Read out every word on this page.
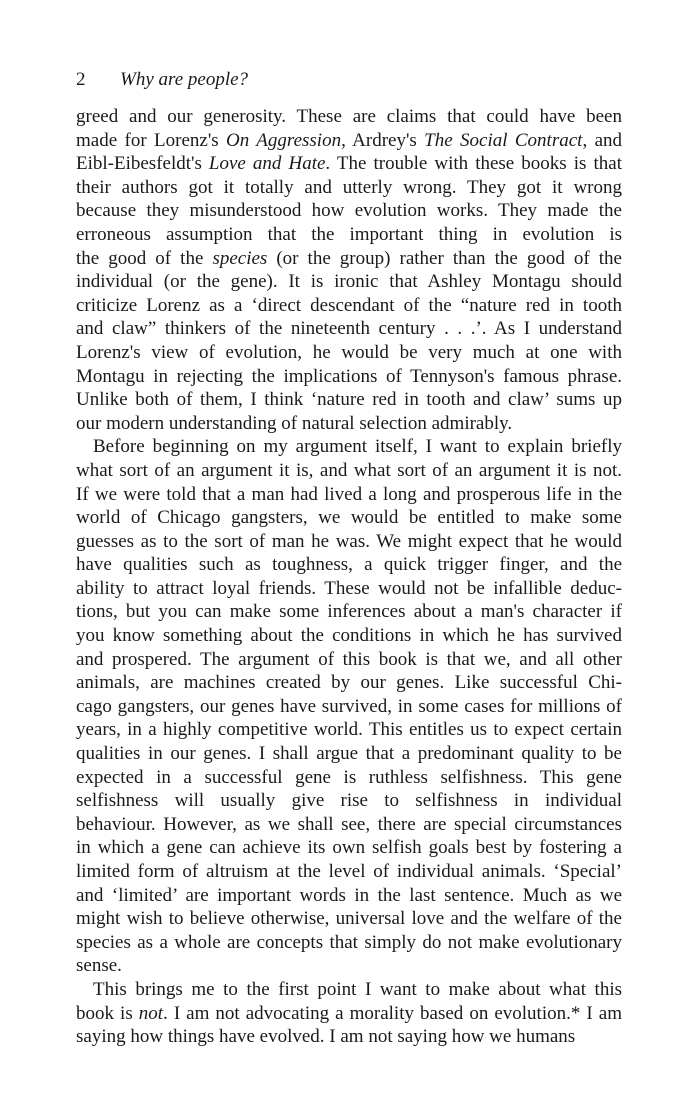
2 Why are people?
greed and our generosity. These are claims that could have been
made for Lorenz's On Aggression, Ardrey's The Social Contract, and
Eibl-Eibesfeldt's Love and Hate. The trouble with these books is that
their authors got it totally and utterly wrong. They got it wrong
because they misunderstood how evolution works. They made the
erroneous assumption that the important thing in evolution is
the good of the species (or the group) rather than the good of the
individual (or the gene). It is ironic that Ashley Montagu should
criticize Lorenz as a ‘direct descendant of the “nature red in tooth
and claw” thinkers of the nineteenth century . . .’. As I understand
Lorenz's view of evolution, he would be very much at one with
Montagu in rejecting the implications of Tennyson's famous phrase.
Unlike both of them, I think ‘nature red in tooth and claw’ sums up
our modern understanding of natural selection admirably.
Before beginning on my argument itself, I want to explain briefly
what sort of an argument it is, and what sort of an argument it is not.
If we were told that a man had lived a long and prosperous life in the
world of Chicago gangsters, we would be entitled to make some
guesses as to the sort of man he was. We might expect that he would
have qualities such as toughness, a quick trigger finger, and the
ability to attract loyal friends. These would not be infallible deduc-
tions, but you can make some inferences about a man's character if
you know something about the conditions in which he has survived
and prospered. The argument of this book is that we, and all other
animals, are machines created by our genes. Like successful Chi-
cago gangsters, our genes have survived, in some cases for millions of
years, in a highly competitive world. This entitles us to expect certain
qualities in our genes. I shall argue that a predominant quality to be
expected in a successful gene is ruthless selfishness. This gene
selfishness will usually give rise to selfishness in individual
behaviour. However, as we shall see, there are special circumstances
in which a gene can achieve its own selfish goals best by fostering a
limited form of altruism at the level of individual animals. ‘Special’
and ‘limited’ are important words in the last sentence. Much as we
might wish to believe otherwise, universal love and the welfare of the
species as a whole are concepts that simply do not make evolutionary
sense.
This brings me to the first point I want to make about what this
book is not. I am not advocating a morality based on evolution.* I am
saying how things have evolved. I am not saying how we humans
